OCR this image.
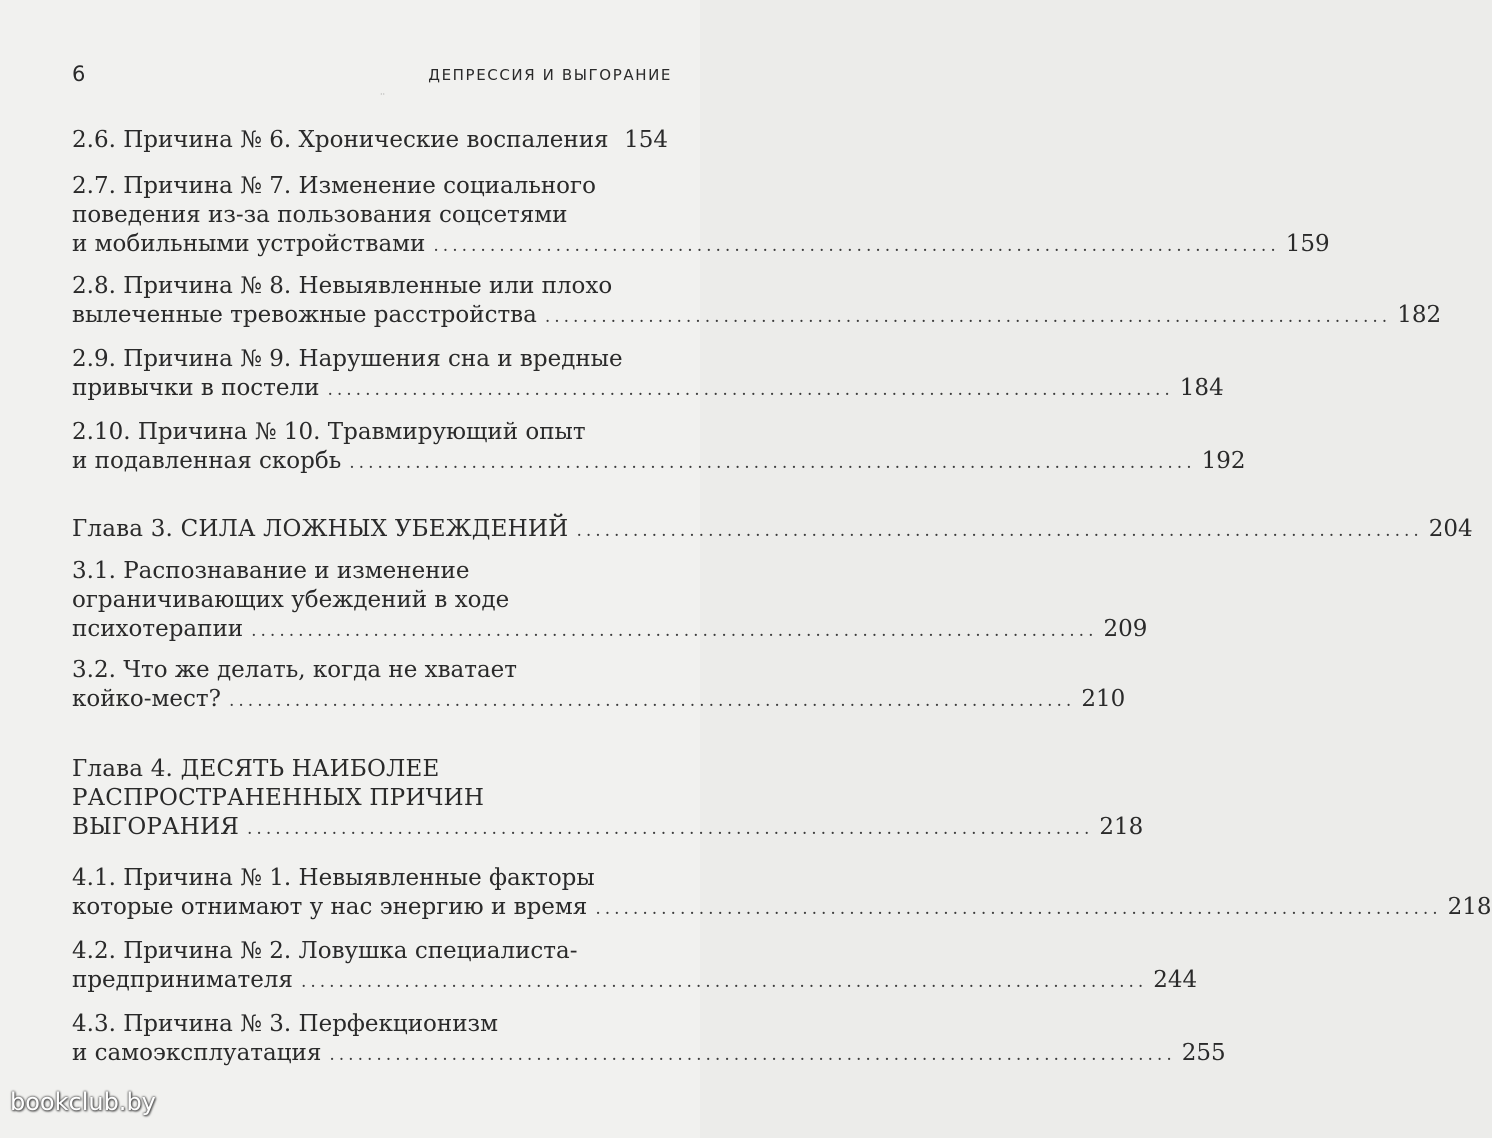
6	ДЕПРЕССИЯ И ВЫГОРАНИЕ
··
2.6. Причина № 6. Хронические воспаления 154
2.7. Причина № 7. Изменение социального
поведения из-за пользования соцсетями
и мобильными устройствами .......................................................................................... 159
2.8. Причина № 8. Невыявленные или плохо
вылеченные тревожные расстройства .......................................................................................... 182
2.9. Причина № 9. Нарушения сна и вредные
привычки в постели .......................................................................................... 184
2.10. Причина № 10. Травмирующий опыт
и подавленная скорбь .......................................................................................... 192
Глава 3. СИЛА ЛОЖНЫХ УБЕЖДЕНИЙ .......................................................................................... 204
3.1. Распознавание и изменение
ограничивающих убеждений в ходе
психотерапии .......................................................................................... 209
3.2. Что же делать, когда не хватает
койко-мест? .......................................................................................... 210
Глава 4. ДЕСЯТЬ НАИБОЛЕЕ
РАСПРОСТРАНЕННЫХ ПРИЧИН
ВЫГОРАНИЯ .......................................................................................... 218
4.1. Причина № 1. Невыявленные факторы
которые отнимают у нас энергию и время .......................................................................................... 218
4.2. Причина № 2. Ловушка специалиста-
предпринимателя .......................................................................................... 244
4.3. Причина № 3. Перфекционизм
и самоэксплуатация .......................................................................................... 255
bookclub.by
